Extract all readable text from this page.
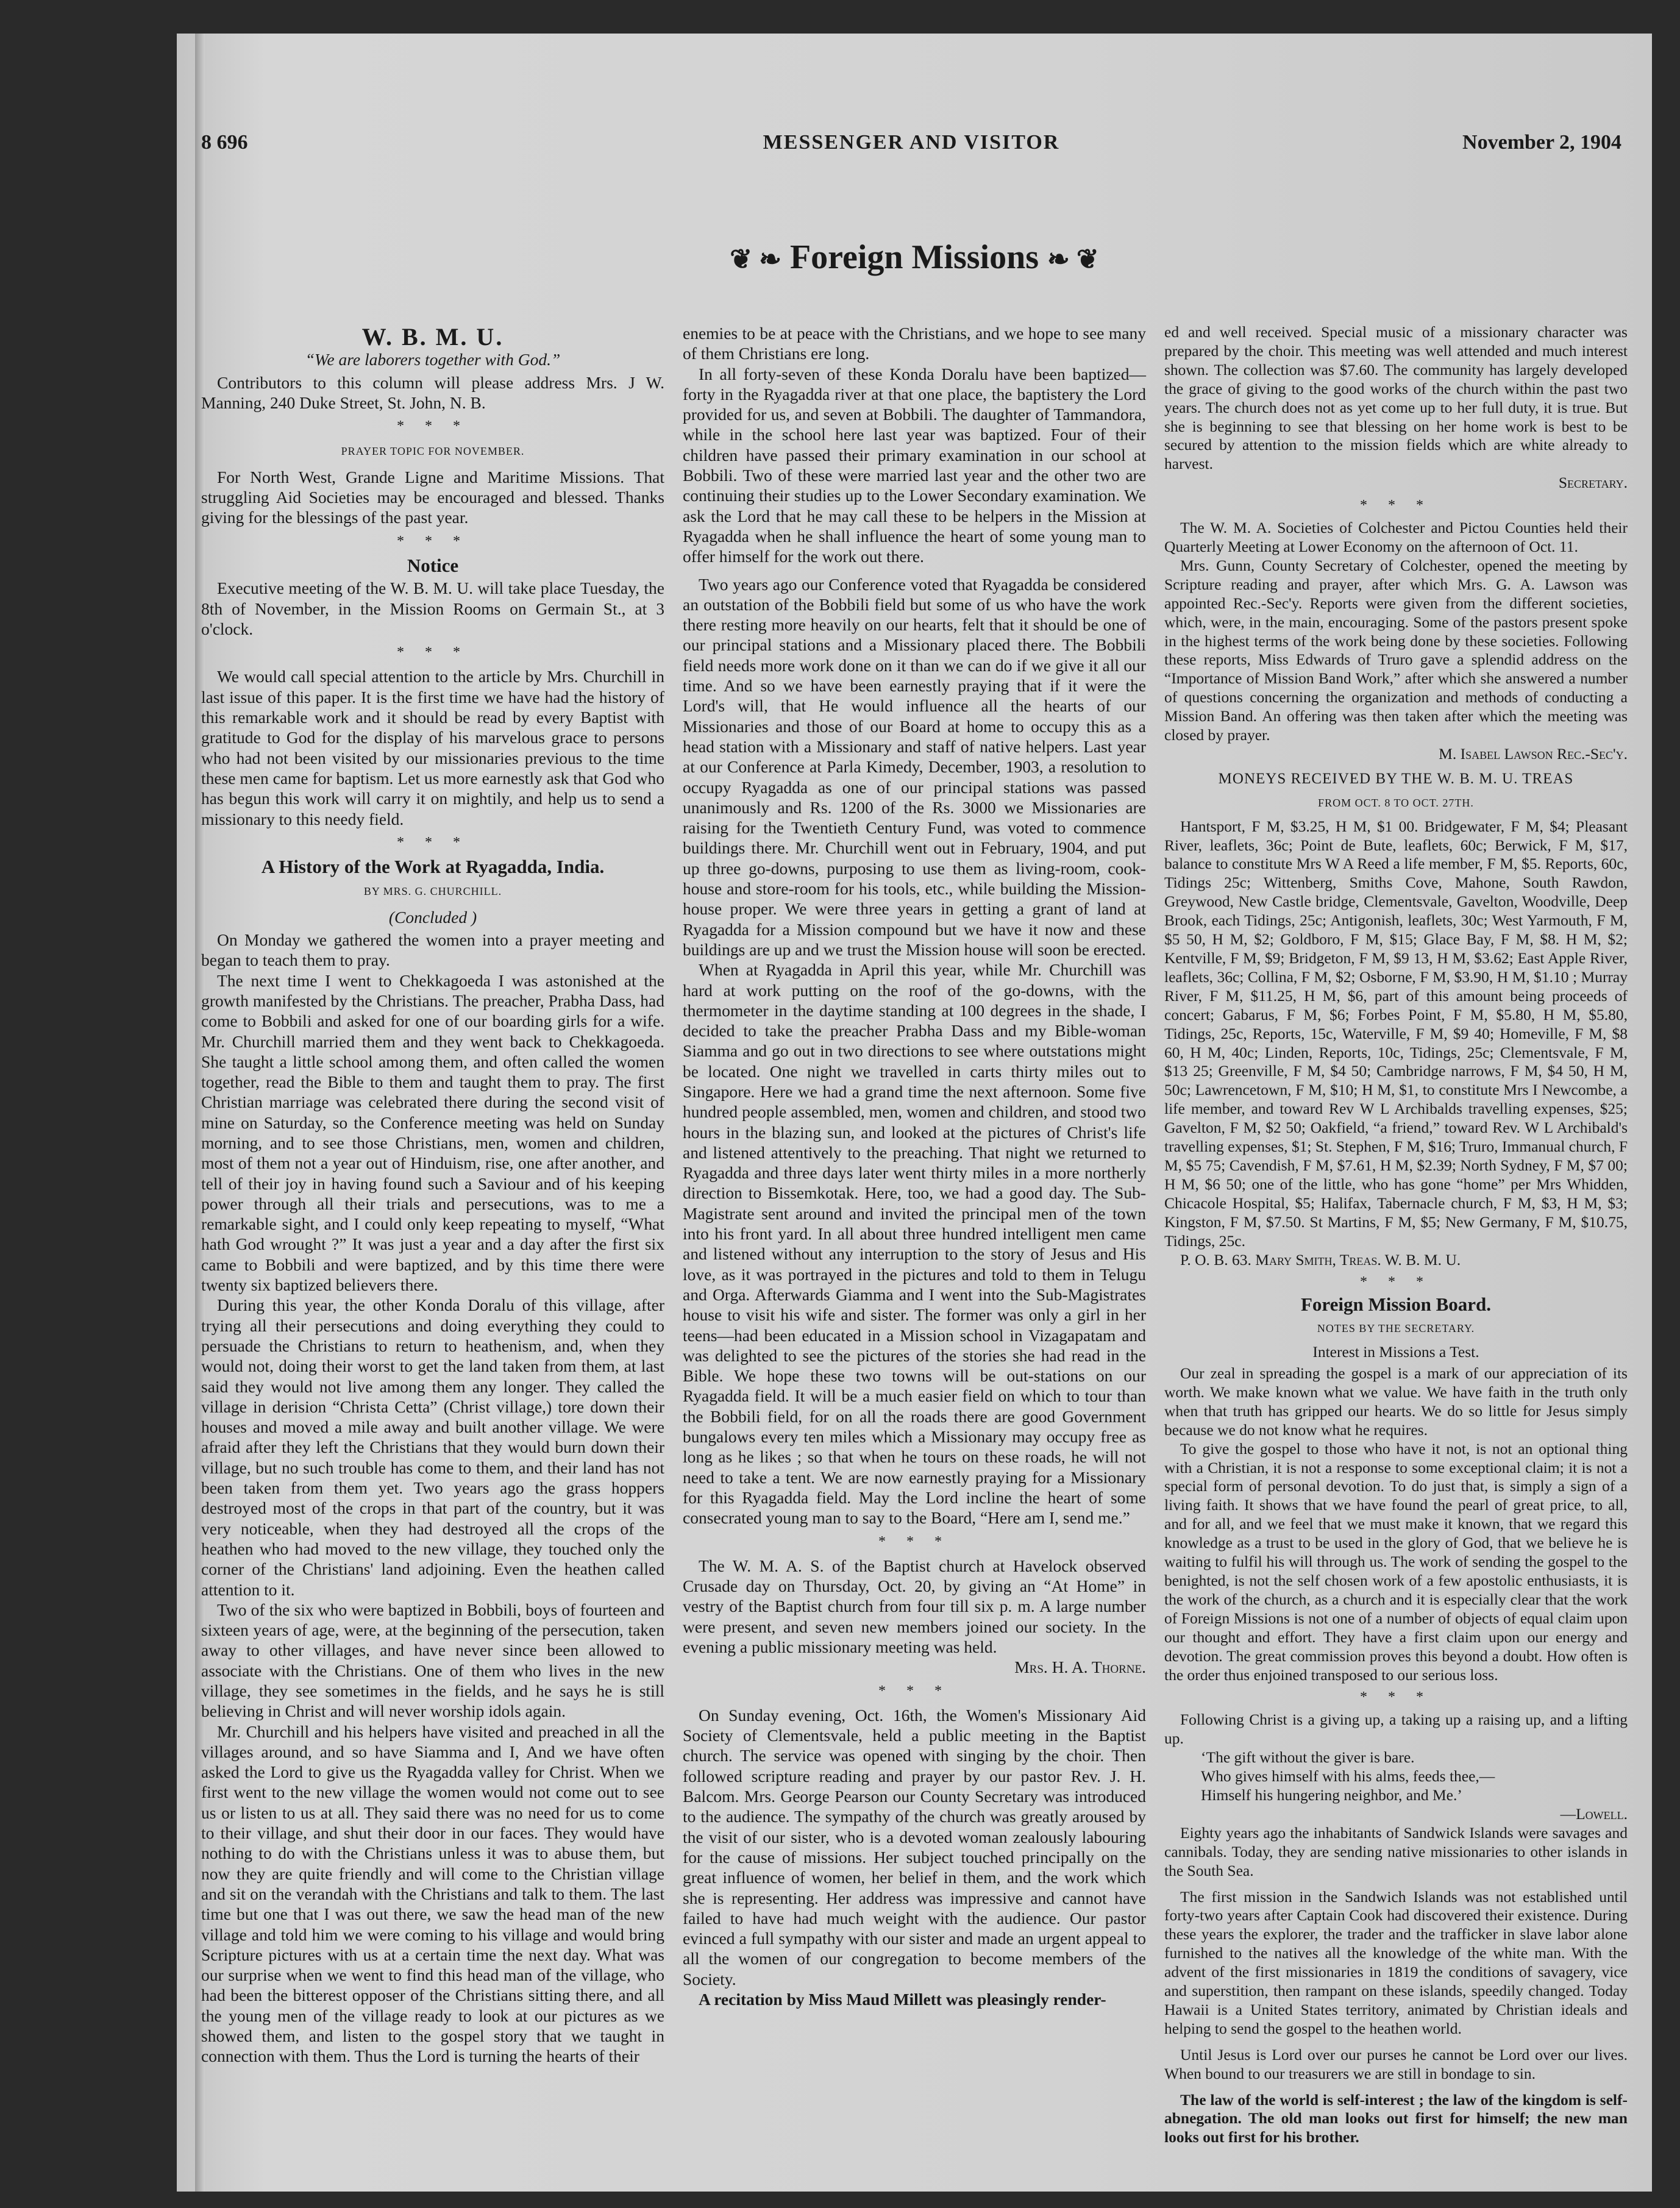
8 696	MESSENGER AND VISITOR	November 2, 1904
❦ ❧ Foreign Missions ❧ ❦
W. B. M. U.
“We are laborers together with God.”

Contributors to this column will please address Mrs. J W. Manning, 240 Duke Street, St. John, N. B.

* * *
PRAYER TOPIC FOR NOVEMBER.

For North West, Grande Ligne and Maritime Missions. That struggling Aid Societies may be encouraged and blessed. Thanks giving for the blessings of the past year.

* * *
Notice

Executive meeting of the W. B. M. U. will take place Tuesday, the 8th of November, in the Mission Rooms on Germain St., at 3 o'clock.

* * *

We would call special attention to the article by Mrs. Churchill in last issue of this paper. It is the first time we have had the history of this remarkable work and it should be read by every Baptist with gratitude to God for the display of his marvelous grace to persons who had not been visited by our missionaries previous to the time these men came for baptism. Let us more earnestly ask that God who has begun this work will carry it on mightily, and help us to send a missionary to this needy field.

* * *
A History of the Work at Ryagadda, India.
BY MRS. G. CHURCHILL.
(Concluded )

On Monday we gathered the women into a prayer meeting and began to teach them to pray.

The next time I went to Chekkagoeda I was astonished at the growth manifested by the Christians. The preacher, Prabha Dass, had come to Bobbili and asked for one of our boarding girls for a wife. Mr. Churchill married them and they went back to Chekkagoeda. She taught a little school among them, and often called the women together, read the Bible to them and taught them to pray. The first Christian marriage was celebrated there during the second visit of mine on Saturday, so the Conference meeting was held on Sunday morning, and to see those Christians, men, women and children, most of them not a year out of Hinduism, rise, one after another, and tell of their joy in having found such a Saviour and of his keeping power through all their trials and persecutions, was to me a remarkable sight, and I could only keep repeating to myself, “What hath God wrought ?” It was just a year and a day after the first six came to Bobbili and were baptized, and by this time there were twenty six baptized believers there.

During this year, the other Konda Doralu of this village, after trying all their persecutions and doing everything they could to persuade the Christians to return to heathenism, and, when they would not, doing their worst to get the land taken from them, at last said they would not live among them any longer. They called the village in derision “Christa Cetta” (Christ village,) tore down their houses and moved a mile away and built another village. We were afraid after they left the Christians that they would burn down their village, but no such trouble has come to them, and their land has not been taken from them yet. Two years ago the grass hoppers destroyed most of the crops in that part of the country, but it was very noticeable, when they had destroyed all the crops of the heathen who had moved to the new village, they touched only the corner of the Christians' land adjoining. Even the heathen called attention to it.

Two of the six who were baptized in Bobbili, boys of fourteen and sixteen years of age, were, at the beginning of the persecution, taken away to other villages, and have never since been allowed to associate with the Christians. One of them who lives in the new village, they see sometimes in the fields, and he says he is still believing in Christ and will never worship idols again.

Mr. Churchill and his helpers have visited and preached in all the villages around, and so have Siamma and I, And we have often asked the Lord to give us the Ryagadda valley for Christ. When we first went to the new village the women would not come out to see us or listen to us at all. They said there was no need for us to come to their village, and shut their door in our faces. They would have nothing to do with the Christians unless it was to abuse them, but now they are quite friendly and will come to the Christian village and sit on the verandah with the Christians and talk to them. The last time but one that I was out there, we saw the head man of the new village and told him we were coming to his village and would bring Scripture pictures with us at a certain time the next day. What was our surprise when we went to find this head man of the village, who had been the bitterest opposer of the Christians sitting there, and all the young men of the village ready to look at our pictures as we showed them, and listen to the gospel story that we taught in connection with them. Thus the Lord is turning the hearts of their

enemies to be at peace with the Christians, and we hope to see many of them Christians ere long.

In all forty-seven of these Konda Doralu have been baptized—forty in the Ryagadda river at that one place, the baptistery the Lord provided for us, and seven at Bobbili. The daughter of Tammandora, while in the school here last year was baptized. Four of their children have passed their primary examination in our school at Bobbili. Two of these were married last year and the other two are continuing their studies up to the Lower Secondary examination. We ask the Lord that he may call these to be helpers in the Mission at Ryagadda when he shall influence the heart of some young man to offer himself for the work out there.

Two years ago our Conference voted that Ryagadda be considered an outstation of the Bobbili field but some of us who have the work there resting more heavily on our hearts, felt that it should be one of our principal stations and a Missionary placed there. The Bobbili field needs more work done on it than we can do if we give it all our time. And so we have been earnestly praying that if it were the Lord's will, that He would influence all the hearts of our Missionaries and those of our Board at home to occupy this as a head station with a Missionary and staff of native helpers. Last year at our Conference at Parla Kimedy, December, 1903, a resolution to occupy Ryagadda as one of our principal stations was passed unanimously and Rs. 1200 of the Rs. 3000 we Missionaries are raising for the Twentieth Century Fund, was voted to commence buildings there. Mr. Churchill went out in February, 1904, and put up three go-downs, purposing to use them as living-room, cook-house and store-room for his tools, etc., while building the Mission-house proper. We were three years in getting a grant of land at Ryagadda for a Mission compound but we have it now and these buildings are up and we trust the Mission house will soon be erected.

When at Ryagadda in April this year, while Mr. Churchill was hard at work putting on the roof of the go-downs, with the thermometer in the daytime standing at 100 degrees in the shade, I decided to take the preacher Prabha Dass and my Bible-woman Siamma and go out in two directions to see where outstations might be located. One night we travelled in carts thirty miles out to Singapore. Here we had a grand time the next afternoon. Some five hundred people assembled, men, women and children, and stood two hours in the blazing sun, and looked at the pictures of Christ's life and listened attentively to the preaching. That night we returned to Ryagadda and three days later went thirty miles in a more northerly direction to Bissemkotak. Here, too, we had a good day. The Sub-Magistrate sent around and invited the principal men of the town into his front yard. In all about three hundred intelligent men came and listened without any interruption to the story of Jesus and His love, as it was portrayed in the pictures and told to them in Telugu and Orga. Afterwards Giamma and I went into the Sub-Magistrates house to visit his wife and sister. The former was only a girl in her teens—had been educated in a Mission school in Vizagapatam and was delighted to see the pictures of the stories she had read in the Bible. We hope these two towns will be out-stations on our Ryagadda field. It will be a much easier field on which to tour than the Bobbili field, for on all the roads there are good Government bungalows every ten miles which a Missionary may occupy free as long as he likes ; so that when he tours on these roads, he will not need to take a tent. We are now earnestly praying for a Missionary for this Ryagadda field. May the Lord incline the heart of some consecrated young man to say to the Board, “Here am I, send me.”

* * *

The W. M. A. S. of the Baptist church at Havelock observed Crusade day on Thursday, Oct. 20, by giving an “At Home” in vestry of the Baptist church from four till six p. m. A large number were present, and seven new members joined our society. In the evening a public missionary meeting was held.

Mrs. H. A. Thorne.
* * *

On Sunday evening, Oct. 16th, the Women's Missionary Aid Society of Clementsvale, held a public meeting in the Baptist church. The service was opened with singing by the choir. Then followed scripture reading and prayer by our pastor Rev. J. H. Balcom. Mrs. George Pearson our County Secretary was introduced to the audience. The sympathy of the church was greatly aroused by the visit of our sister, who is a devoted woman zealously labouring for the cause of missions. Her subject touched principally on the great influence of women, her belief in them, and the work which she is representing. Her address was impressive and cannot have failed to have had much weight with the audience. Our pastor evinced a full sympathy with our sister and made an urgent appeal to all the women of our congregation to become members of the Society.

A recitation by Miss Maud Millett was pleasingly render-

ed and well received. Special music of a missionary character was prepared by the choir. This meeting was well attended and much interest shown. The collection was $7.60. The community has largely developed the grace of giving to the good works of the church within the past two years. The church does not as yet come up to her full duty, it is true. But she is beginning to see that blessing on her home work is best to be secured by attention to the mission fields which are white already to harvest.

Secretary.
* * *

The W. M. A. Societies of Colchester and Pictou Counties held their Quarterly Meeting at Lower Economy on the afternoon of Oct. 11.

Mrs. Gunn, County Secretary of Colchester, opened the meeting by Scripture reading and prayer, after which Mrs. G. A. Lawson was appointed Rec.-Sec'y. Reports were given from the different societies, which, were, in the main, encouraging. Some of the pastors present spoke in the highest terms of the work being done by these societies. Following these reports, Miss Edwards of Truro gave a splendid address on the “Importance of Mission Band Work,” after which she answered a number of questions concerning the organization and methods of conducting a Mission Band. An offering was then taken after which the meeting was closed by prayer.

M. Isabel Lawson Rec.-Sec'y.
MONEYS RECEIVED BY THE W. B. M. U. TREAS
FROM OCT. 8 TO OCT. 27TH.

Hantsport, F M, $3.25, H M, $1 00. Bridgewater, F M, $4; Pleasant River, leaflets, 36c; Point de Bute, leaflets, 60c; Berwick, F M, $17, balance to constitute Mrs W A Reed a life member, F M, $5. Reports, 60c, Tidings 25c; Wittenberg, Smiths Cove, Mahone, South Rawdon, Greywood, New Castle bridge, Clementsvale, Gavelton, Woodville, Deep Brook, each Tidings, 25c; Antigonish, leaflets, 30c; West Yarmouth, F M, $5 50, H M, $2; Goldboro, F M, $15; Glace Bay, F M, $8. H M, $2; Kentville, F M, $9; Bridgeton, F M, $9 13, H M, $3.62; East Apple River, leaflets, 36c; Collina, F M, $2; Osborne, F M, $3.90, H M, $1.10 ; Murray River, F M, $11.25, H M, $6, part of this amount being proceeds of concert; Gabarus, F M, $6; Forbes Point, F M, $5.80, H M, $5.80, Tidings, 25c, Reports, 15c, Waterville, F M, $9 40; Homeville, F M, $8 60, H M, 40c; Linden, Reports, 10c, Tidings, 25c; Clementsvale, F M, $13 25; Greenville, F M, $4 50; Cambridge narrows, F M, $4 50, H M, 50c; Lawrencetown, F M, $10; H M, $1, to constitute Mrs I Newcombe, a life member, and toward Rev W L Archibalds travelling expenses, $25; Gavelton, F M, $2 50; Oakfield, “a friend,” toward Rev. W L Archibald's travelling expenses, $1; St. Stephen, F M, $16; Truro, Immanual church, F M, $5 75; Cavendish, F M, $7.61, H M, $2.39; North Sydney, F M, $7 00; H M, $6 50; one of the little, who has gone “home” per Mrs Whidden, Chicacole Hospital, $5; Halifax, Tabernacle church, F M, $3, H M, $3; Kingston, F M, $7.50. St Martins, F M, $5; New Germany, F M, $10.75, Tidings, 25c.

P. O. B. 63. Mary Smith, Treas. W. B. M. U.
* * *
Foreign Mission Board.
NOTES BY THE SECRETARY.
Interest in Missions a Test.

Our zeal in spreading the gospel is a mark of our appreciation of its worth. We make known what we value. We have faith in the truth only when that truth has gripped our hearts. We do so little for Jesus simply because we do not know what he requires.

To give the gospel to those who have it not, is not an optional thing with a Christian, it is not a response to some exceptional claim; it is not a special form of personal devotion. To do just that, is simply a sign of a living faith. It shows that we have found the pearl of great price, to all, and for all, and we feel that we must make it known, that we regard this knowledge as a trust to be used in the glory of God, that we believe he is waiting to fulfil his will through us. The work of sending the gospel to the benighted, is not the self chosen work of a few apostolic enthusiasts, it is the work of the church, as a church and it is especially clear that the work of Foreign Missions is not one of a number of objects of equal claim upon our thought and effort. They have a first claim upon our energy and devotion. The great commission proves this beyond a doubt. How often is the order thus enjoined transposed to our serious loss.

* * *

Following Christ is a giving up, a taking up a raising up, and a lifting up.

‘The gift without the giver is bare.

Who gives himself with his alms, feeds thee,—

Himself his hungering neighbor, and Me.’

—Lowell.

Eighty years ago the inhabitants of Sandwick Islands were savages and cannibals. Today, they are sending native missionaries to other islands in the South Sea.

The first mission in the Sandwich Islands was not established until forty-two years after Captain Cook had discovered their existence. During these years the explorer, the trader and the trafficker in slave labor alone furnished to the natives all the knowledge of the white man. With the advent of the first missionaries in 1819 the conditions of savagery, vice and superstition, then rampant on these islands, speedily changed. Today Hawaii is a United States territory, animated by Christian ideals and helping to send the gospel to the heathen world.

Until Jesus is Lord over our purses he cannot be Lord over our lives. When bound to our treasurers we are still in bondage to sin.

The law of the world is self-interest ; the law of the kingdom is self-abnegation. The old man looks out first for himself; the new man looks out first for his brother.
